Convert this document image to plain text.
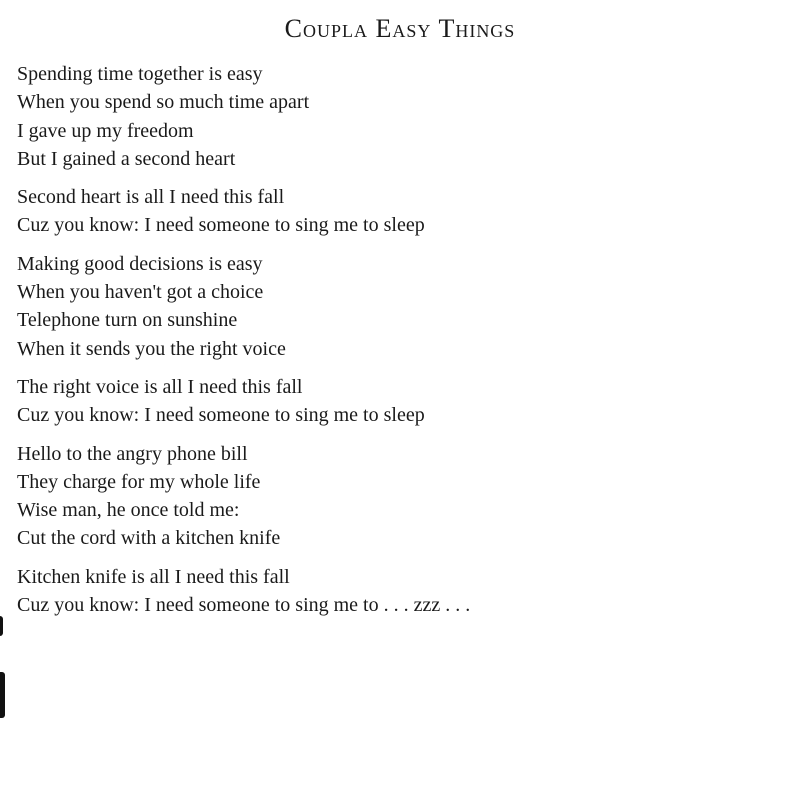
Coupla Easy Things
Spending time together is easy
When you spend so much time apart
I gave up my freedom
But I gained a second heart
Second heart is all I need this fall
Cuz you know: I need someone to sing me to sleep
Making good decisions is easy
When you haven't got a choice
Telephone turn on sunshine
When it sends you the right voice
The right voice is all I need this fall
Cuz you know: I need someone to sing me to sleep
Hello to the angry phone bill
They charge for my whole life
Wise man, he once told me:
Cut the cord with a kitchen knife
Kitchen knife is all I need this fall
Cuz you know: I need someone to sing me to . . . zzz . . .
